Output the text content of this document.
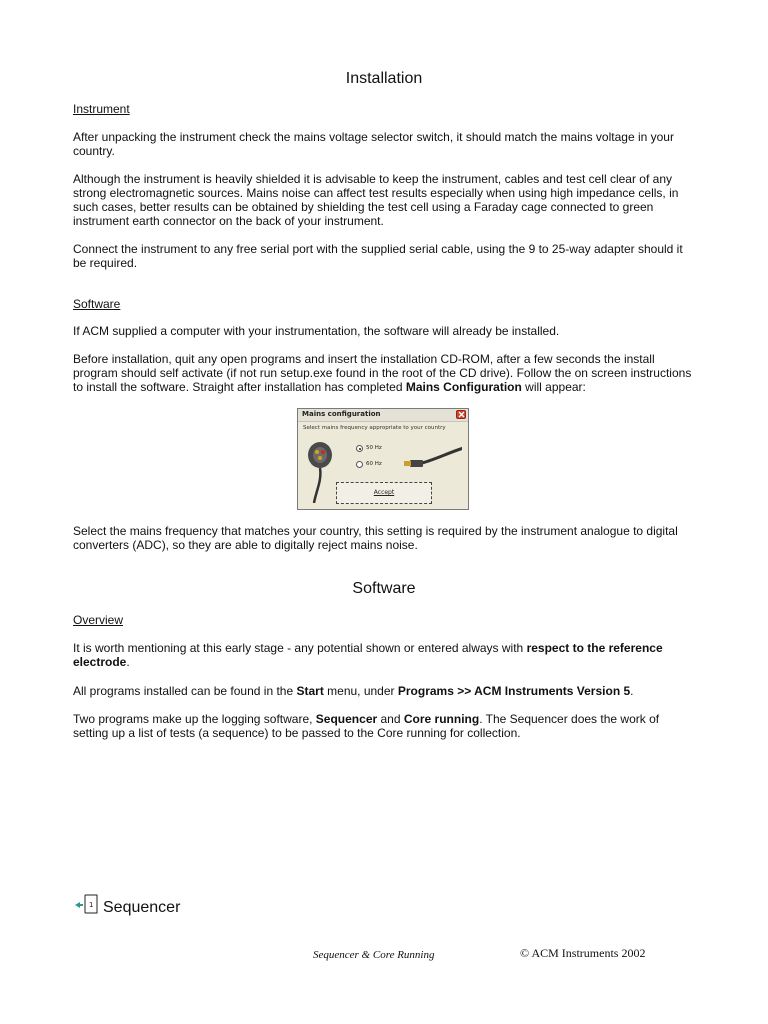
Installation
Instrument

After unpacking the instrument check the mains voltage selector switch, it should match the mains voltage in your country.

Although the instrument is heavily shielded it is advisable to keep the instrument, cables and test cell clear of any strong electromagnetic sources. Mains noise can affect test results especially when using high impedance cells, in such cases, better results can be obtained by shielding the test cell using a Faraday cage connected to green instrument earth connector on the back of your instrument.

Connect the instrument to any free serial port with the supplied serial cable, using the 9 to 25-way adapter should it be required.

Software

If ACM supplied a computer with your instrumentation, the software will already be installed.

Before installation, quit any open programs and insert the installation CD-ROM, after a few seconds the install program should self activate (if not run setup.exe found in the root of the CD drive). Follow the on screen instructions to install the software. Straight after installation has completed Mains Configuration will appear:

Select the mains frequency that matches your country, this setting is required by the instrument analogue to digital converters (ADC), so they are able to digitally reject mains noise.

Software
Overview

It is worth mentioning at this early stage - any potential shown or entered always with respect to the reference electrode.

All programs installed can be found in the Start menu, under Programs >> ACM Instruments Version 5.

Two programs make up the logging software, Sequencer and Core running. The Sequencer does the work of setting up a list of tests (a sequence) to be passed to the Core running for collection.

Mains configuration
Select mains frequency appropriate to your country
50 Hz
60 Hz
Accept
1 Sequencer
Sequencer & Core Running	© ACM Instruments 2002
